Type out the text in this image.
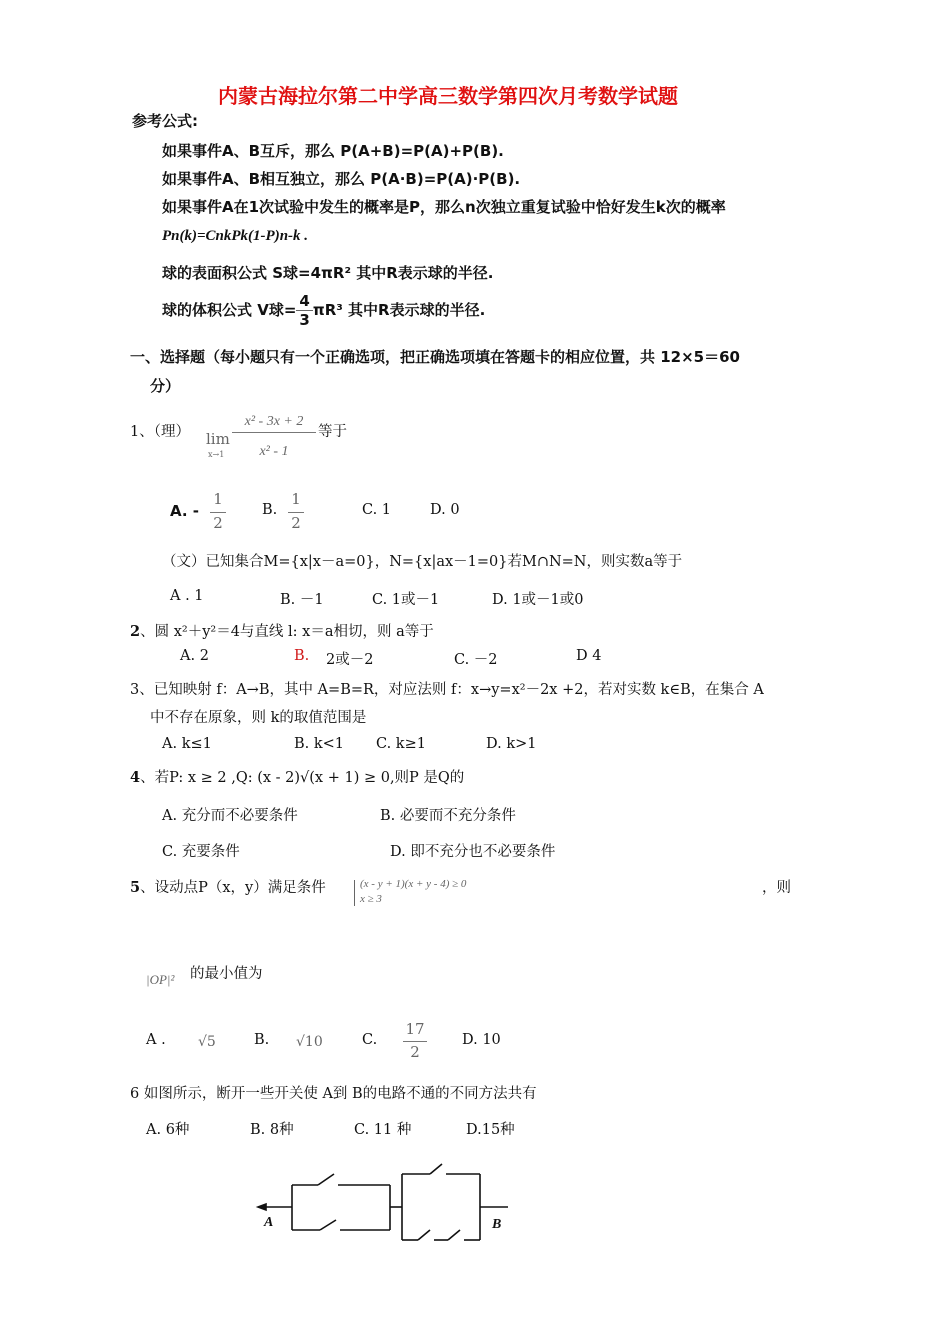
内蒙古海拉尔第二中学高三数学第四次月考数学试题
参考公式:
如果事件A、B互斥，那么 P(A+B)=P(A)+P(B).
如果事件A、B相互独立，那么 P(A·B)=P(A)·P(B).
如果事件A在1次试验中发生的概率是P，那么n次独立重复试验中恰好发生k次的概率
Pn(k)=CnkPk(1-P)n-k .
球的表面积公式 S球=4πR² 其中R表示球的半径.
球的体积公式 V球= $\frac{4}{3} \pi R^3$ 其中R表示球的半径.
一、选择题（每小题只有一个正确选项，把正确选项填在答题卡的相应位置，共 12×5＝60
分）
1、（理） lim
x→1
x² - 3x + 2
x² - 1
等于
A. -
1
2
B.
1
2
C. 1	D. 0
（文）已知集合M={x|x－a=0}，N={x|ax－1=0}若M∩N=N，则实数a等于
A . 1	B. －1	C. 1或－1	D. 1或－1或0
2、圆 x²＋y²＝4与直线 l: x＝a相切，则 a等于
A. 2	B. 2或－2	C. －2	D 4
3、已知映射 f：A→B，其中 A=B=R，对应法则 f：x→y=x²－2x +2，若对实数 k∈B，在集合 A
中不存在原象，则 k的取值范围是
A. k≤1	B. k<1 C. k≥1	D. k>1
4、若P: x ≥ 2 ,Q: (x - 2)√(x + 1) ≥ 0,则P 是Q的
A. 充分而不必要条件	B. 必要而不充分条件
C. 充要条件	D. 即不充分也不必要条件
5、设动点P（x，y）满足条件	(x - y + 1)(x + y - 4) ≥ 0
x ≥ 3
，则
|OP|² 的最小值为
A . √5	B. √10	C.
17
2
D. 10
6 如图所示，断开一些开关使 A到 B的电路不通的不同方法共有
A. 6种	B. 8种	C. 11 种	D.15种
A	B
